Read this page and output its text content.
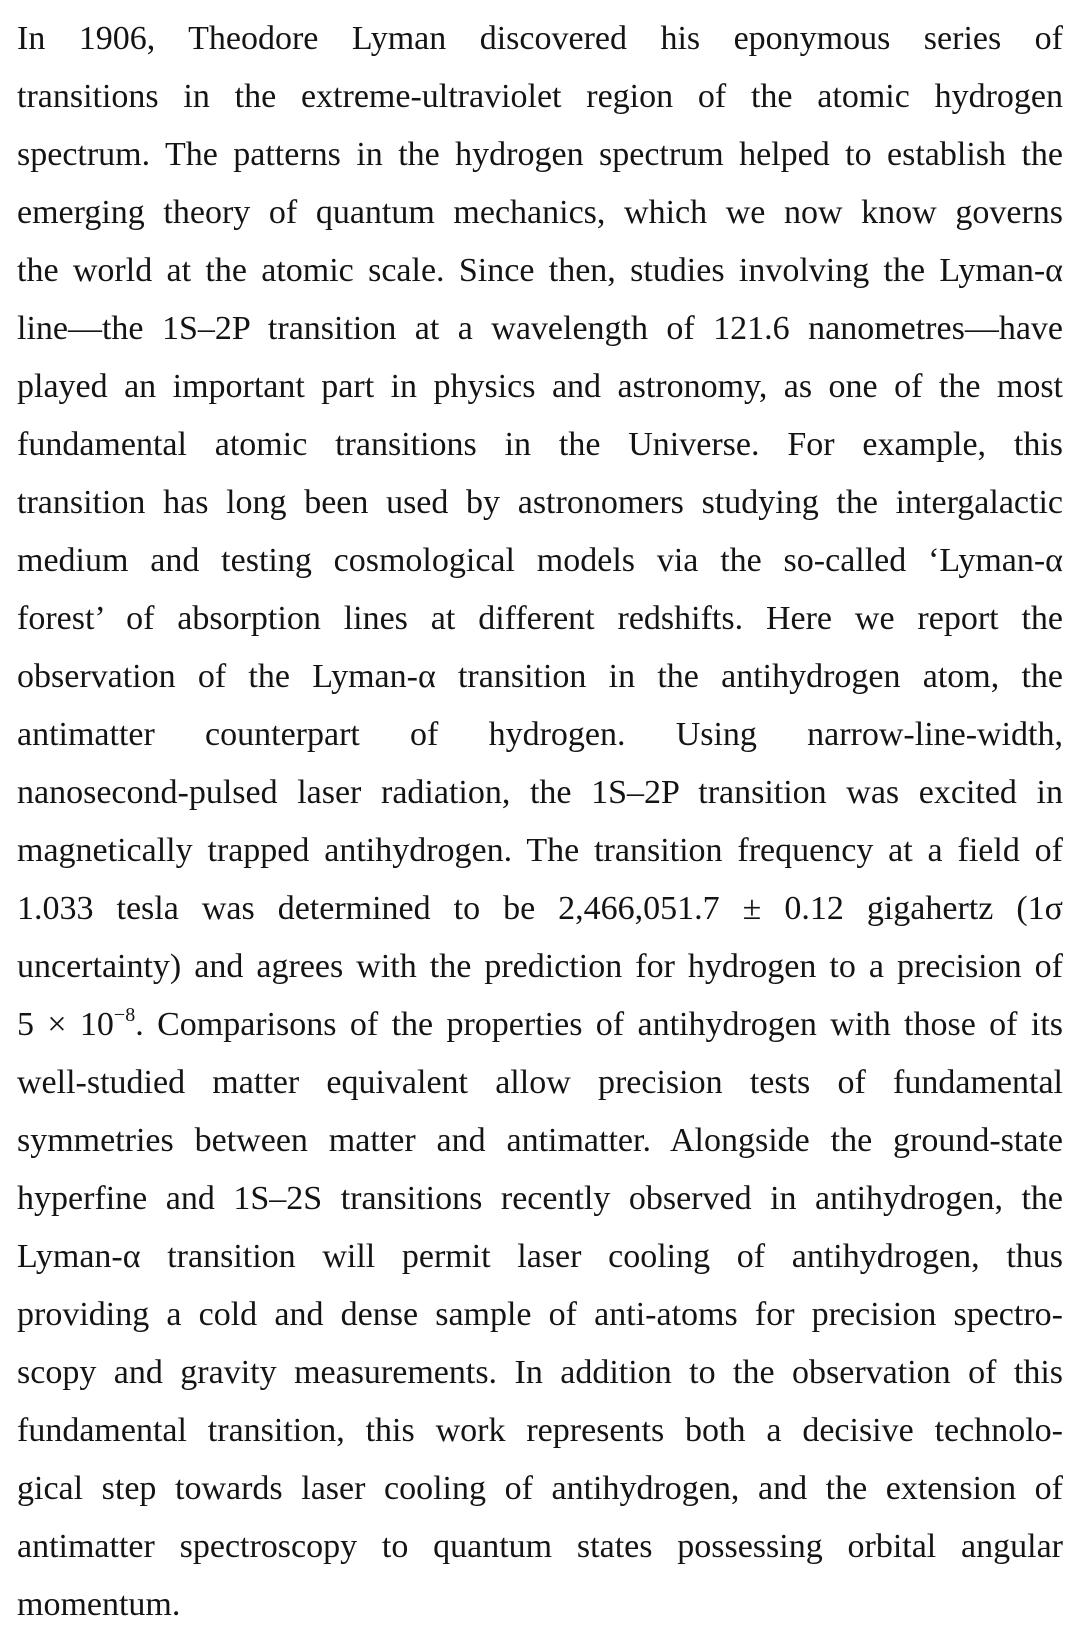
In 1906, Theodore Lyman discovered his eponymous series of
transitions in the extreme-ultraviolet region of the atomic hydrogen
spectrum. The patterns in the hydrogen spectrum helped to establish the
emerging theory of quantum mechanics, which we now know governs
the world at the atomic scale. Since then, studies involving the Lyman-α
line—the 1S–2P transition at a wavelength of 121.6 nanometres—have
played an important part in physics and astronomy, as one of the most
fundamental atomic transitions in the Universe. For example, this
transition has long been used by astronomers studying the intergalactic
medium and testing cosmological models via the so-called ‘Lyman-α
forest’ of absorption lines at different redshifts. Here we report the
observation of the Lyman-α transition in the antihydrogen atom, the
antimatter counterpart of hydrogen. Using narrow-line-width,
nanosecond-pulsed laser radiation, the 1S–2P transition was excited in
magnetically trapped antihydrogen. The transition frequency at a field of
1.033 tesla was determined to be 2,466,051.7 ± 0.12 gigahertz (1σ
uncertainty) and agrees with the prediction for hydrogen to a precision of
$5 \times 10^{-8}$. Comparisons of the properties of antihydrogen with those of its
well-studied matter equivalent allow precision tests of fundamental
symmetries between matter and antimatter. Alongside the ground-state
hyperfine and 1S–2S transitions recently observed in antihydrogen, the
Lyman-α transition will permit laser cooling of antihydrogen, thus
providing a cold and dense sample of anti-atoms for precision spectro-
scopy and gravity measurements. In addition to the observation of this
fundamental transition, this work represents both a decisive technolo-
gical step towards laser cooling of antihydrogen, and the extension of
antimatter spectroscopy to quantum states possessing orbital angular
momentum.
